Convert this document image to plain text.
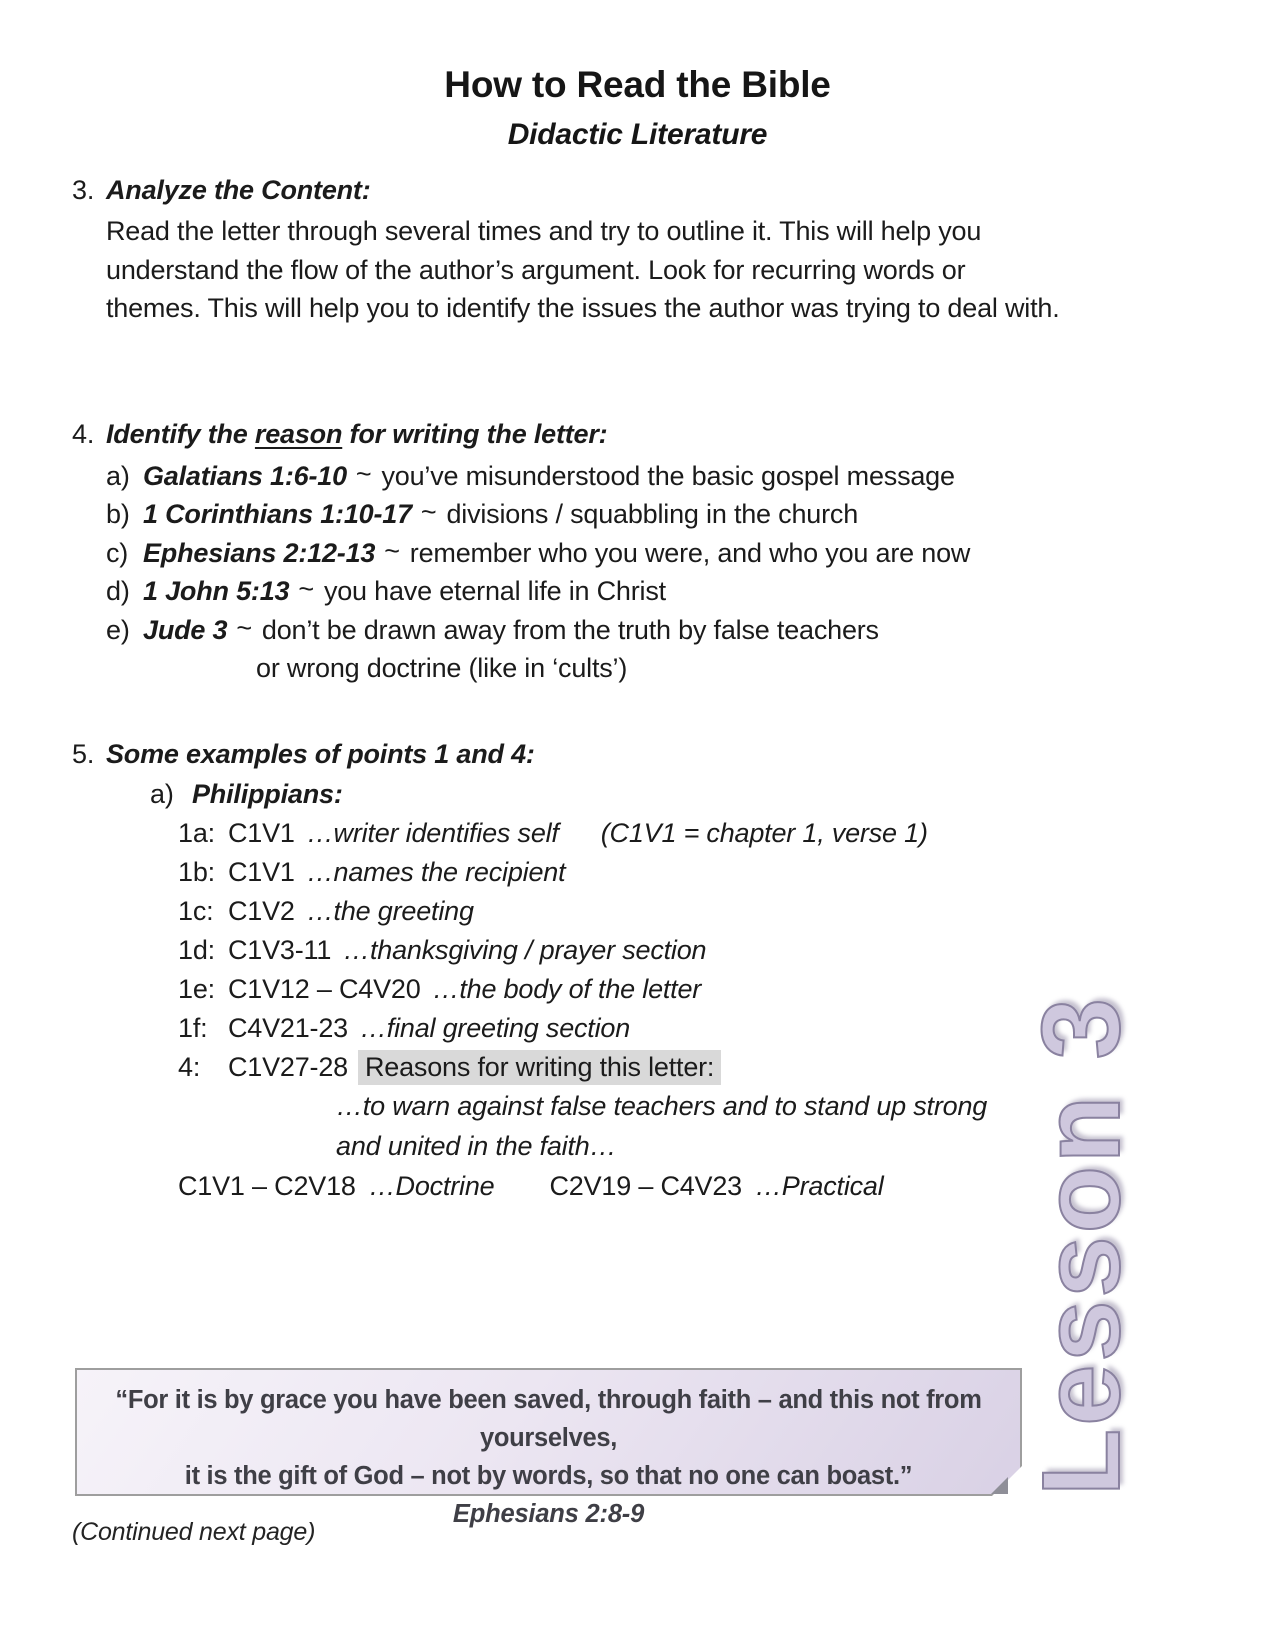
How to Read the Bible
Didactic Literature
3. Analyze the Content:
Read the letter through several times and try to outline it. This will help you
understand the flow of the author’s argument. Look for recurring words or
themes. This will help you to identify the issues the author was trying to deal with.
4. Identify the reason for writing the letter:
a) Galatians 1:6-10 ~ you’ve misunderstood the basic gospel message
b) 1 Corinthians 1:10-17 ~ divisions / squabbling in the church
c) Ephesians 2:12-13 ~ remember who you were, and who you are now
d) 1 John 5:13 ~ you have eternal life in Christ
e) Jude 3 ~ don’t be drawn away from the truth by false teachers
or wrong doctrine (like in ‘cults’)
5. Some examples of points 1 and 4:
a) Philippians:
1a: C1V1 …writer identifies self (C1V1 = chapter 1, verse 1)
1b: C1V1 …names the recipient
1c: C1V2 …the greeting
1d: C1V3-11 …thanksgiving / prayer section
1e: C1V12 – C4V20 …the body of the letter
1f: C4V21-23 …final greeting section
4: C1V27-28 Reasons for writing this letter:
…to warn against false teachers and to stand up strong
and united in the faith…
C1V1 – C2V18 …Doctrine C2V19 – C4V23 …Practical
“For it is by grace you have been saved, through faith – and this not from yourselves,
it is the gift of God – not by words, so that no one can boast.”
Ephesians 2:8-9
Lesson 3
(Continued next page)
